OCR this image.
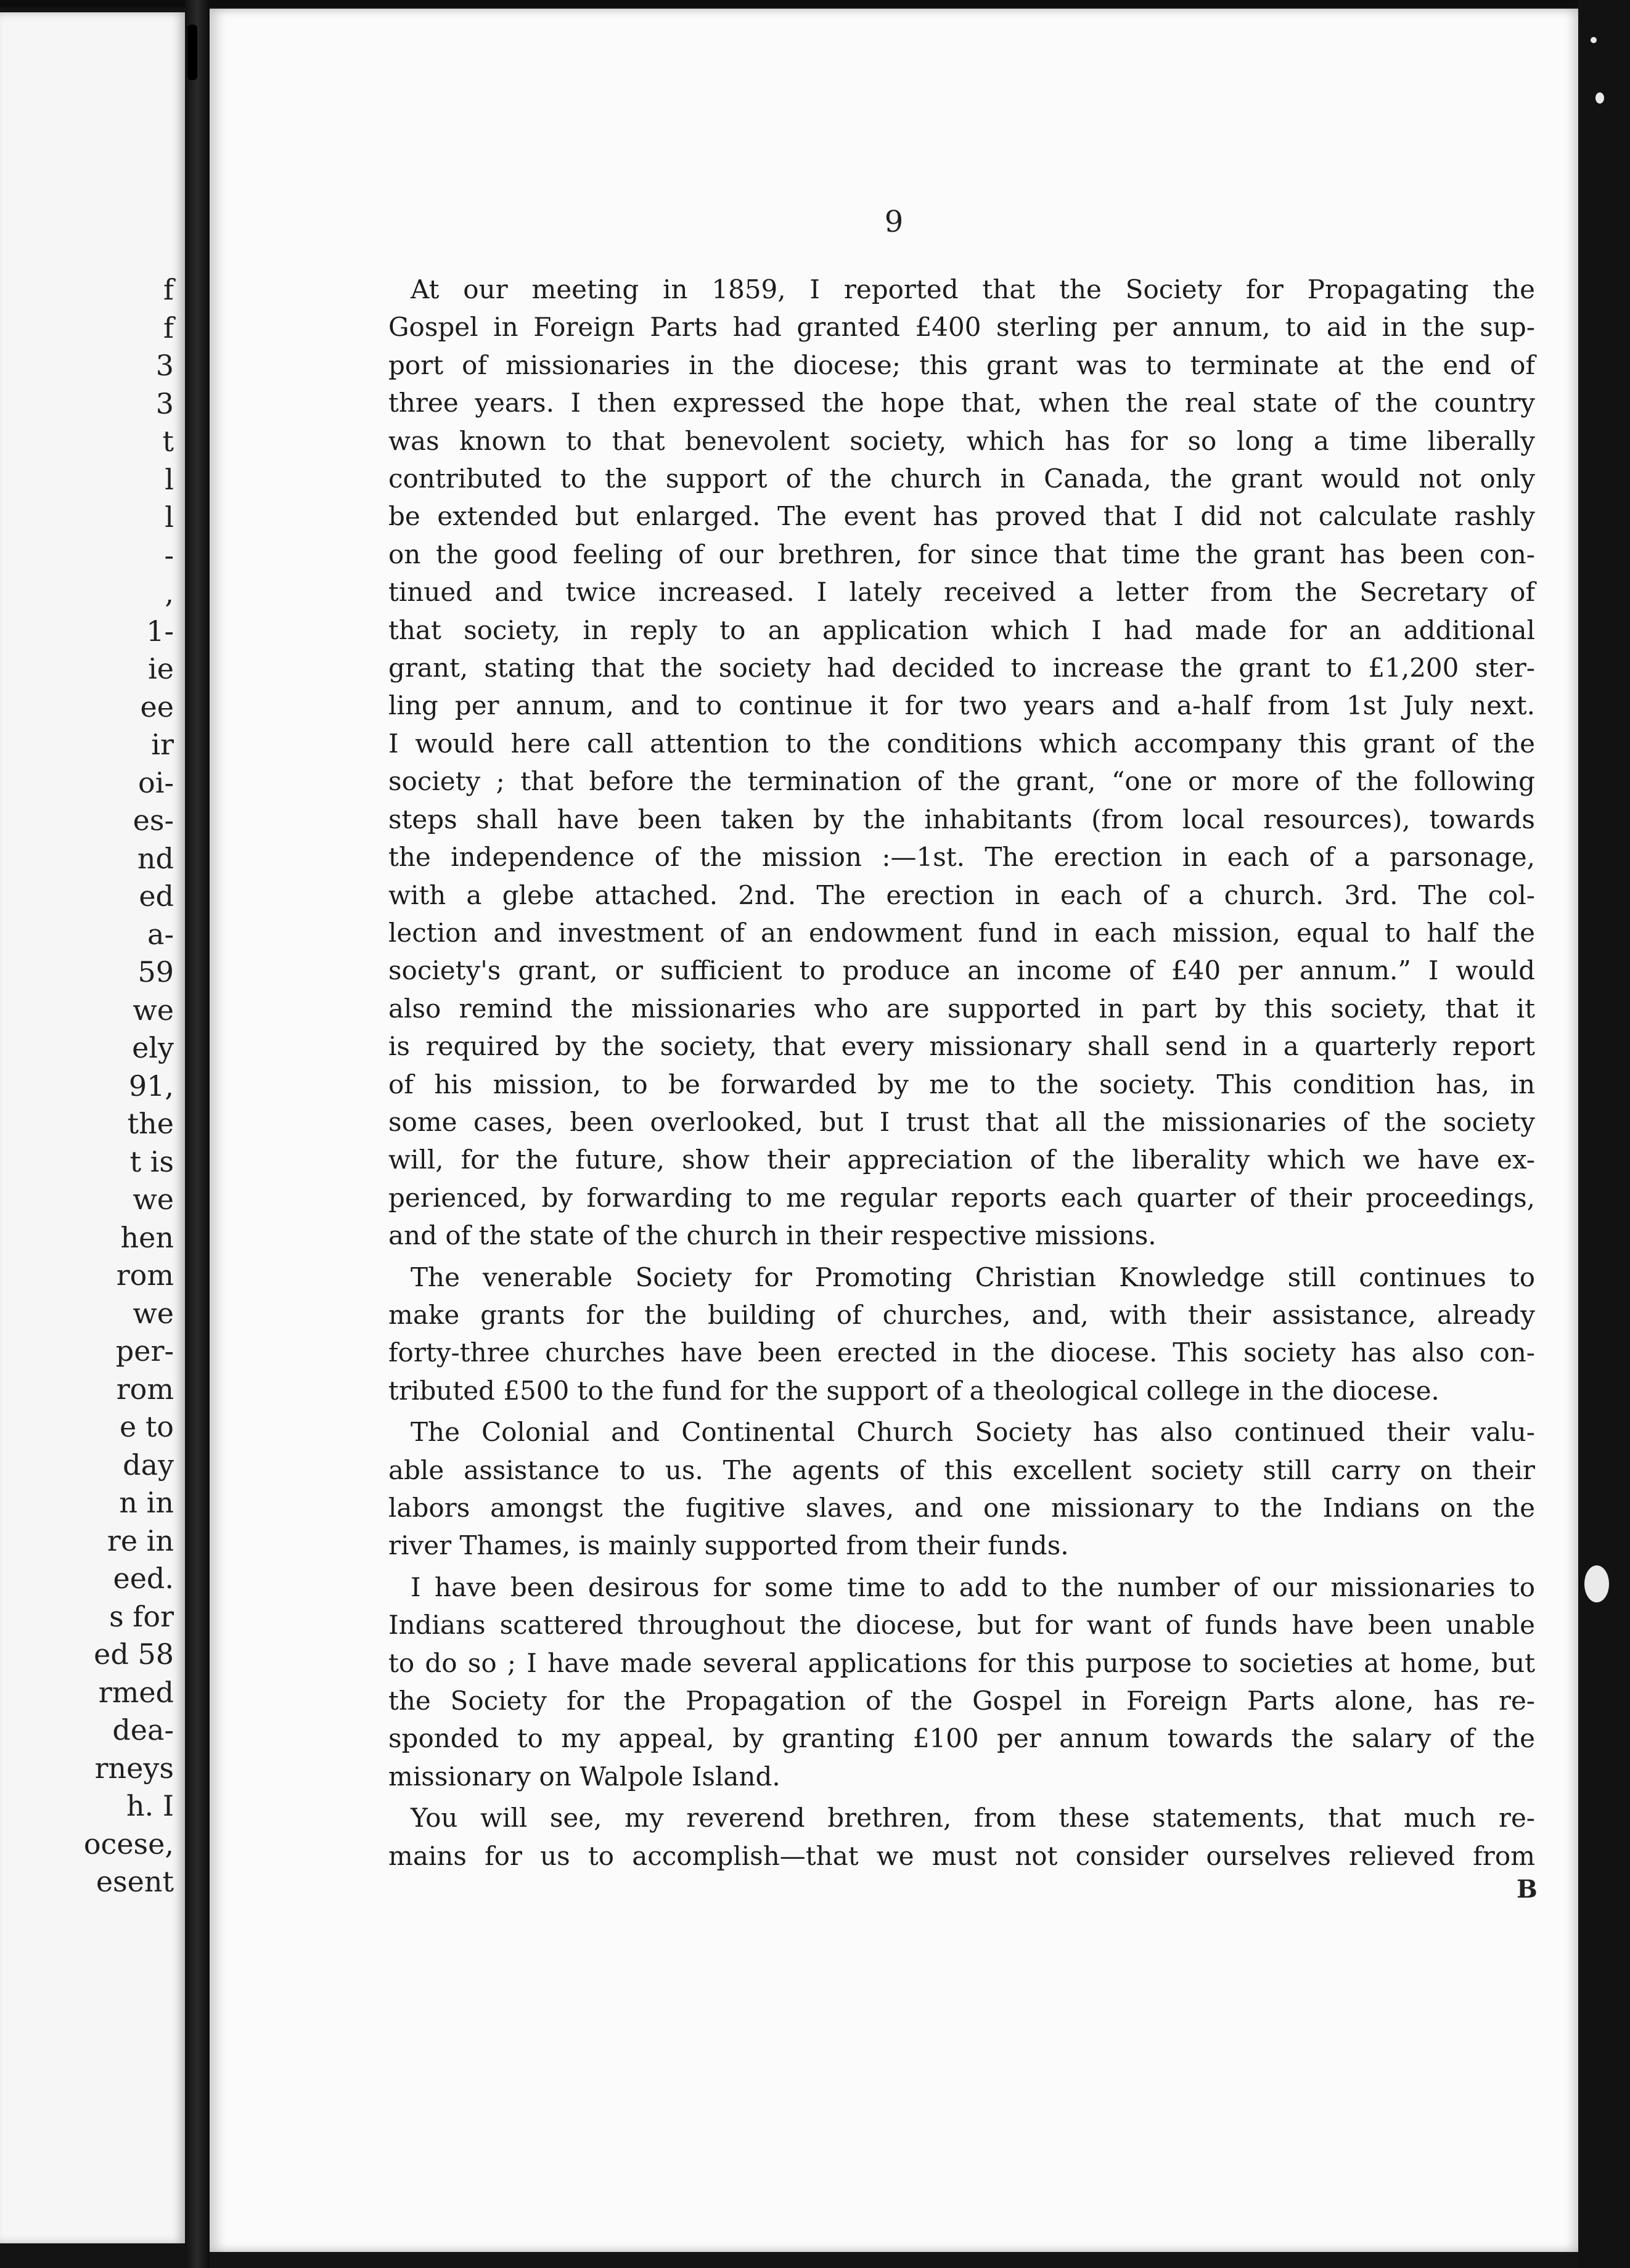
f
f
3
3
t
l
l
-
,
1-
ie
ee
ir
oi-
es-
nd
ed
a-
59
we
ely
91,
the
t is
we
hen
rom
we
per-
rom
e to
day
n in
re in
eed.
s for
ed 58
rmed
dea-
rneys
h. I
ocese,
esent
9
At our meeting in 1859, I reported that the Society for Propagating the
Gospel in Foreign Parts had granted £400 sterling per annum, to aid in the sup-
port of missionaries in the diocese; this grant was to terminate at the end of
three years. I then expressed the hope that, when the real state of the country
was known to that benevolent society, which has for so long a time liberally
contributed to the support of the church in Canada, the grant would not only
be extended but enlarged. The event has proved that I did not calculate rashly
on the good feeling of our brethren, for since that time the grant has been con-
tinued and twice increased. I lately received a letter from the Secretary of
that society, in reply to an application which I had made for an additional
grant, stating that the society had decided to increase the grant to £1,200 ster-
ling per annum, and to continue it for two years and a-half from 1st July next.
I would here call attention to the conditions which accompany this grant of the
society ; that before the termination of the grant, “one or more of the following
steps shall have been taken by the inhabitants (from local resources), towards
the independence of the mission :—1st. The erection in each of a parsonage,
with a glebe attached. 2nd. The erection in each of a church. 3rd. The col-
lection and investment of an endowment fund in each mission, equal to half the
society's grant, or sufficient to produce an income of £40 per annum.” I would
also remind the missionaries who are supported in part by this society, that it
is required by the society, that every missionary shall send in a quarterly report
of his mission, to be forwarded by me to the society. This condition has, in
some cases, been overlooked, but I trust that all the missionaries of the society
will, for the future, show their appreciation of the liberality which we have ex-
perienced, by forwarding to me regular reports each quarter of their proceedings,
and of the state of the church in their respective missions.
The venerable Society for Promoting Christian Knowledge still continues to
make grants for the building of churches, and, with their assistance, already
forty-three churches have been erected in the diocese. This society has also con-
tributed £500 to the fund for the support of a theological college in the diocese.
The Colonial and Continental Church Society has also continued their valu-
able assistance to us. The agents of this excellent society still carry on their
labors amongst the fugitive slaves, and one missionary to the Indians on the
river Thames, is mainly supported from their funds.
I have been desirous for some time to add to the number of our missionaries to
Indians scattered throughout the diocese, but for want of funds have been unable
to do so ; I have made several applications for this purpose to societies at home, but
the Society for the Propagation of the Gospel in Foreign Parts alone, has re-
sponded to my appeal, by granting £100 per annum towards the salary of the
missionary on Walpole Island.
You will see, my reverend brethren, from these statements, that much re-
mains for us to accomplish—that we must not consider ourselves relieved from
B
